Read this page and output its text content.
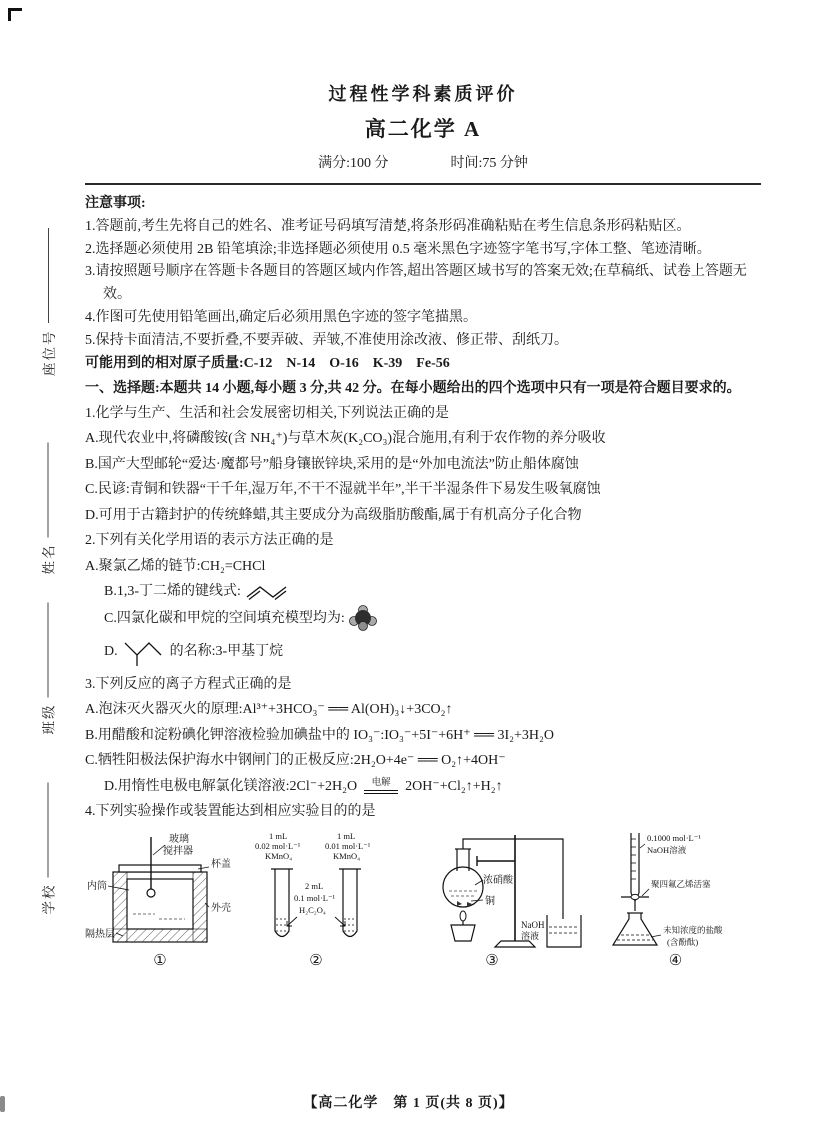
座位号
姓名
班级
学校
过程性学科素质评价
高二化学 A
满分:100 分	时间:75 分钟
注意事项:
1.答题前,考生先将自己的姓名、准考证号码填写清楚,将条形码准确粘贴在考生信息条形码粘贴区。
2.选择题必须使用 2B 铅笔填涂;非选择题必须使用 0.5 毫米黑色字迹签字笔书写,字体工整、笔迹清晰。
3.请按照题号顺序在答题卡各题目的答题区域内作答,超出答题区域书写的答案无效;在草稿纸、试卷上答题无效。
4.作图可先使用铅笔画出,确定后必须用黑色字迹的签字笔描黑。
5.保持卡面清洁,不要折叠,不要弄破、弄皱,不准使用涂改液、修正带、刮纸刀。
可能用到的相对原子质量:C-12　N-14　O-16　K-39　Fe-56
一、选择题:本题共 14 小题,每小题 3 分,共 42 分。在每小题给出的四个选项中只有一项是符合题目要求的。
1.化学与生产、生活和社会发展密切相关,下列说法正确的是
A.现代农业中,将磷酸铵(含 NH₄⁺)与草木灰(K₂CO₃)混合施用,有利于农作物的养分吸收
B.国产大型邮轮“爱达·魔都号”船身镶嵌锌块,采用的是“外加电流法”防止船体腐蚀
C.民谚:青铜和铁器“干千年,湿万年,不干不湿就半年”,半干半湿条件下易发生吸氧腐蚀
D.可用于古籍封护的传统蜂蜡,其主要成分为高级脂肪酸酯,属于有机高分子化合物
2.下列有关化学用语的表示方法正确的是
A.聚氯乙烯的链节:CH₂=CHCl
B.1,3-丁二烯的键线式:
C.四氯化碳和甲烷的空间填充模型均为:
D.	的名称:3-甲基丁烷
3.下列反应的离子方程式正确的是
A.泡沫灭火器灭火的原理:Al³⁺+3HCO₃⁻ ══ Al(OH)₃↓+3CO₂↑
B.用醋酸和淀粉碘化钾溶液检验加碘盐中的 IO₃⁻:IO₃⁻+5I⁻+6H⁺ ══ 3I₂+3H₂O
C.牺牲阳极法保护海水中钢闸门的正极反应:2H₂O+4e⁻ ══ O₂↑+4OH⁻
D.用惰性电极电解氯化镁溶液:2Cl⁻+2H₂O 电解 2OH⁻+Cl₂↑+H₂↑
4.下列实验操作或装置能达到相应实验目的的是
玻璃
搅拌器
杯盖
内筒
外壳
隔热层
①
1 mL
0.02 mol·L⁻¹
KMnO₄
1 mL
0.01 mol·L⁻¹
KMnO₄
2 mL
0.1 mol·L⁻¹
H₂C₂O₄
②
浓硝酸
铜
NaOH
溶液
③
0.1000 mol·L⁻¹
NaOH溶液
聚四氟乙烯活塞
未知浓度的盐酸
(含酚酞)
④
【高二化学　第 1 页(共 8 页)】
